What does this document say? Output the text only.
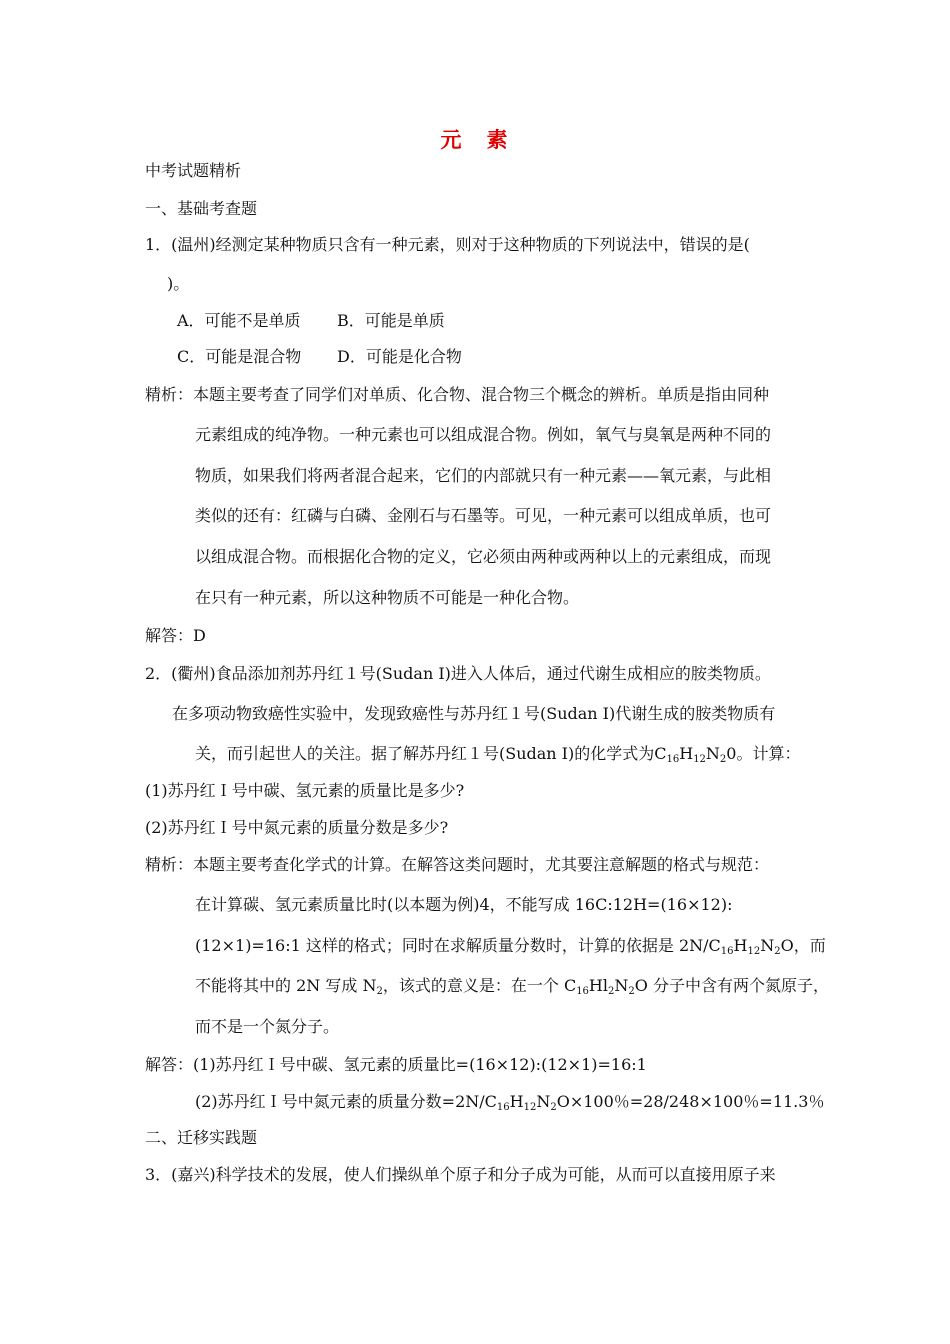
元　素
中考试题精析
一、基础考查题
1．(温州)经测定某种物质只含有一种元素，则对于这种物质的下列说法中，错误的是(
)。
A．可能不是单质 B．可能是单质
C．可能是混合物 D．可能是化合物
精析：本题主要考查了同学们对单质、化合物、混合物三个概念的辨析。单质是指由同种
元素组成的纯净物。一种元素也可以组成混合物。例如，氧气与臭氧是两种不同的
物质，如果我们将两者混合起来，它们的内部就只有一种元素——氧元素，与此相
类似的还有：红磷与白磷、金刚石与石墨等。可见，一种元素可以组成单质，也可
以组成混合物。而根据化合物的定义，它必须由两种或两种以上的元素组成，而现
在只有一种元素，所以这种物质不可能是一种化合物。
解答：D
2．(衢州)食品添加剂苏丹红１号(Sudan I)进入人体后，通过代谢生成相应的胺类物质。
在多项动物致癌性实验中，发现致癌性与苏丹红１号(Sudan I)代谢生成的胺类物质有
关，而引起世人的关注。据了解苏丹红１号(Sudan I)的化学式为$C_{16}H_{12}N_20$。计算：
(1)苏丹红Ｉ号中碳、氢元素的质量比是多少?
(2)苏丹红Ｉ号中氮元素的质量分数是多少?
精析：本题主要考查化学式的计算。在解答这类问题时，尤其要注意解题的格式与规范：
在计算碳、氢元素质量比时(以本题为例)4，不能写成 16C:12H=(16×12):
(12×1)=16:1 这样的格式；同时在求解质量分数时，计算的依据是 $2N/C_{16}H_{12}N_2O$，而
不能将其中的 2N 写成 $N_2$，该式的意义是：在一个 $C_{16}Hl_2N_2O$ 分子中含有两个氮原子，
而不是一个氮分子。
解答：(1)苏丹红Ｉ号中碳、氢元素的质量比=(16×12):(12×1)=16:1
(2)苏丹红Ｉ号中氮元素的质量分数$=2N/C_{16}H_{12}N_2O\times 100$％=28/248×100％=11.3％
二、迁移实践题
3．(嘉兴)科学技术的发展，使人们操纵单个原子和分子成为可能，从而可以直接用原子来
